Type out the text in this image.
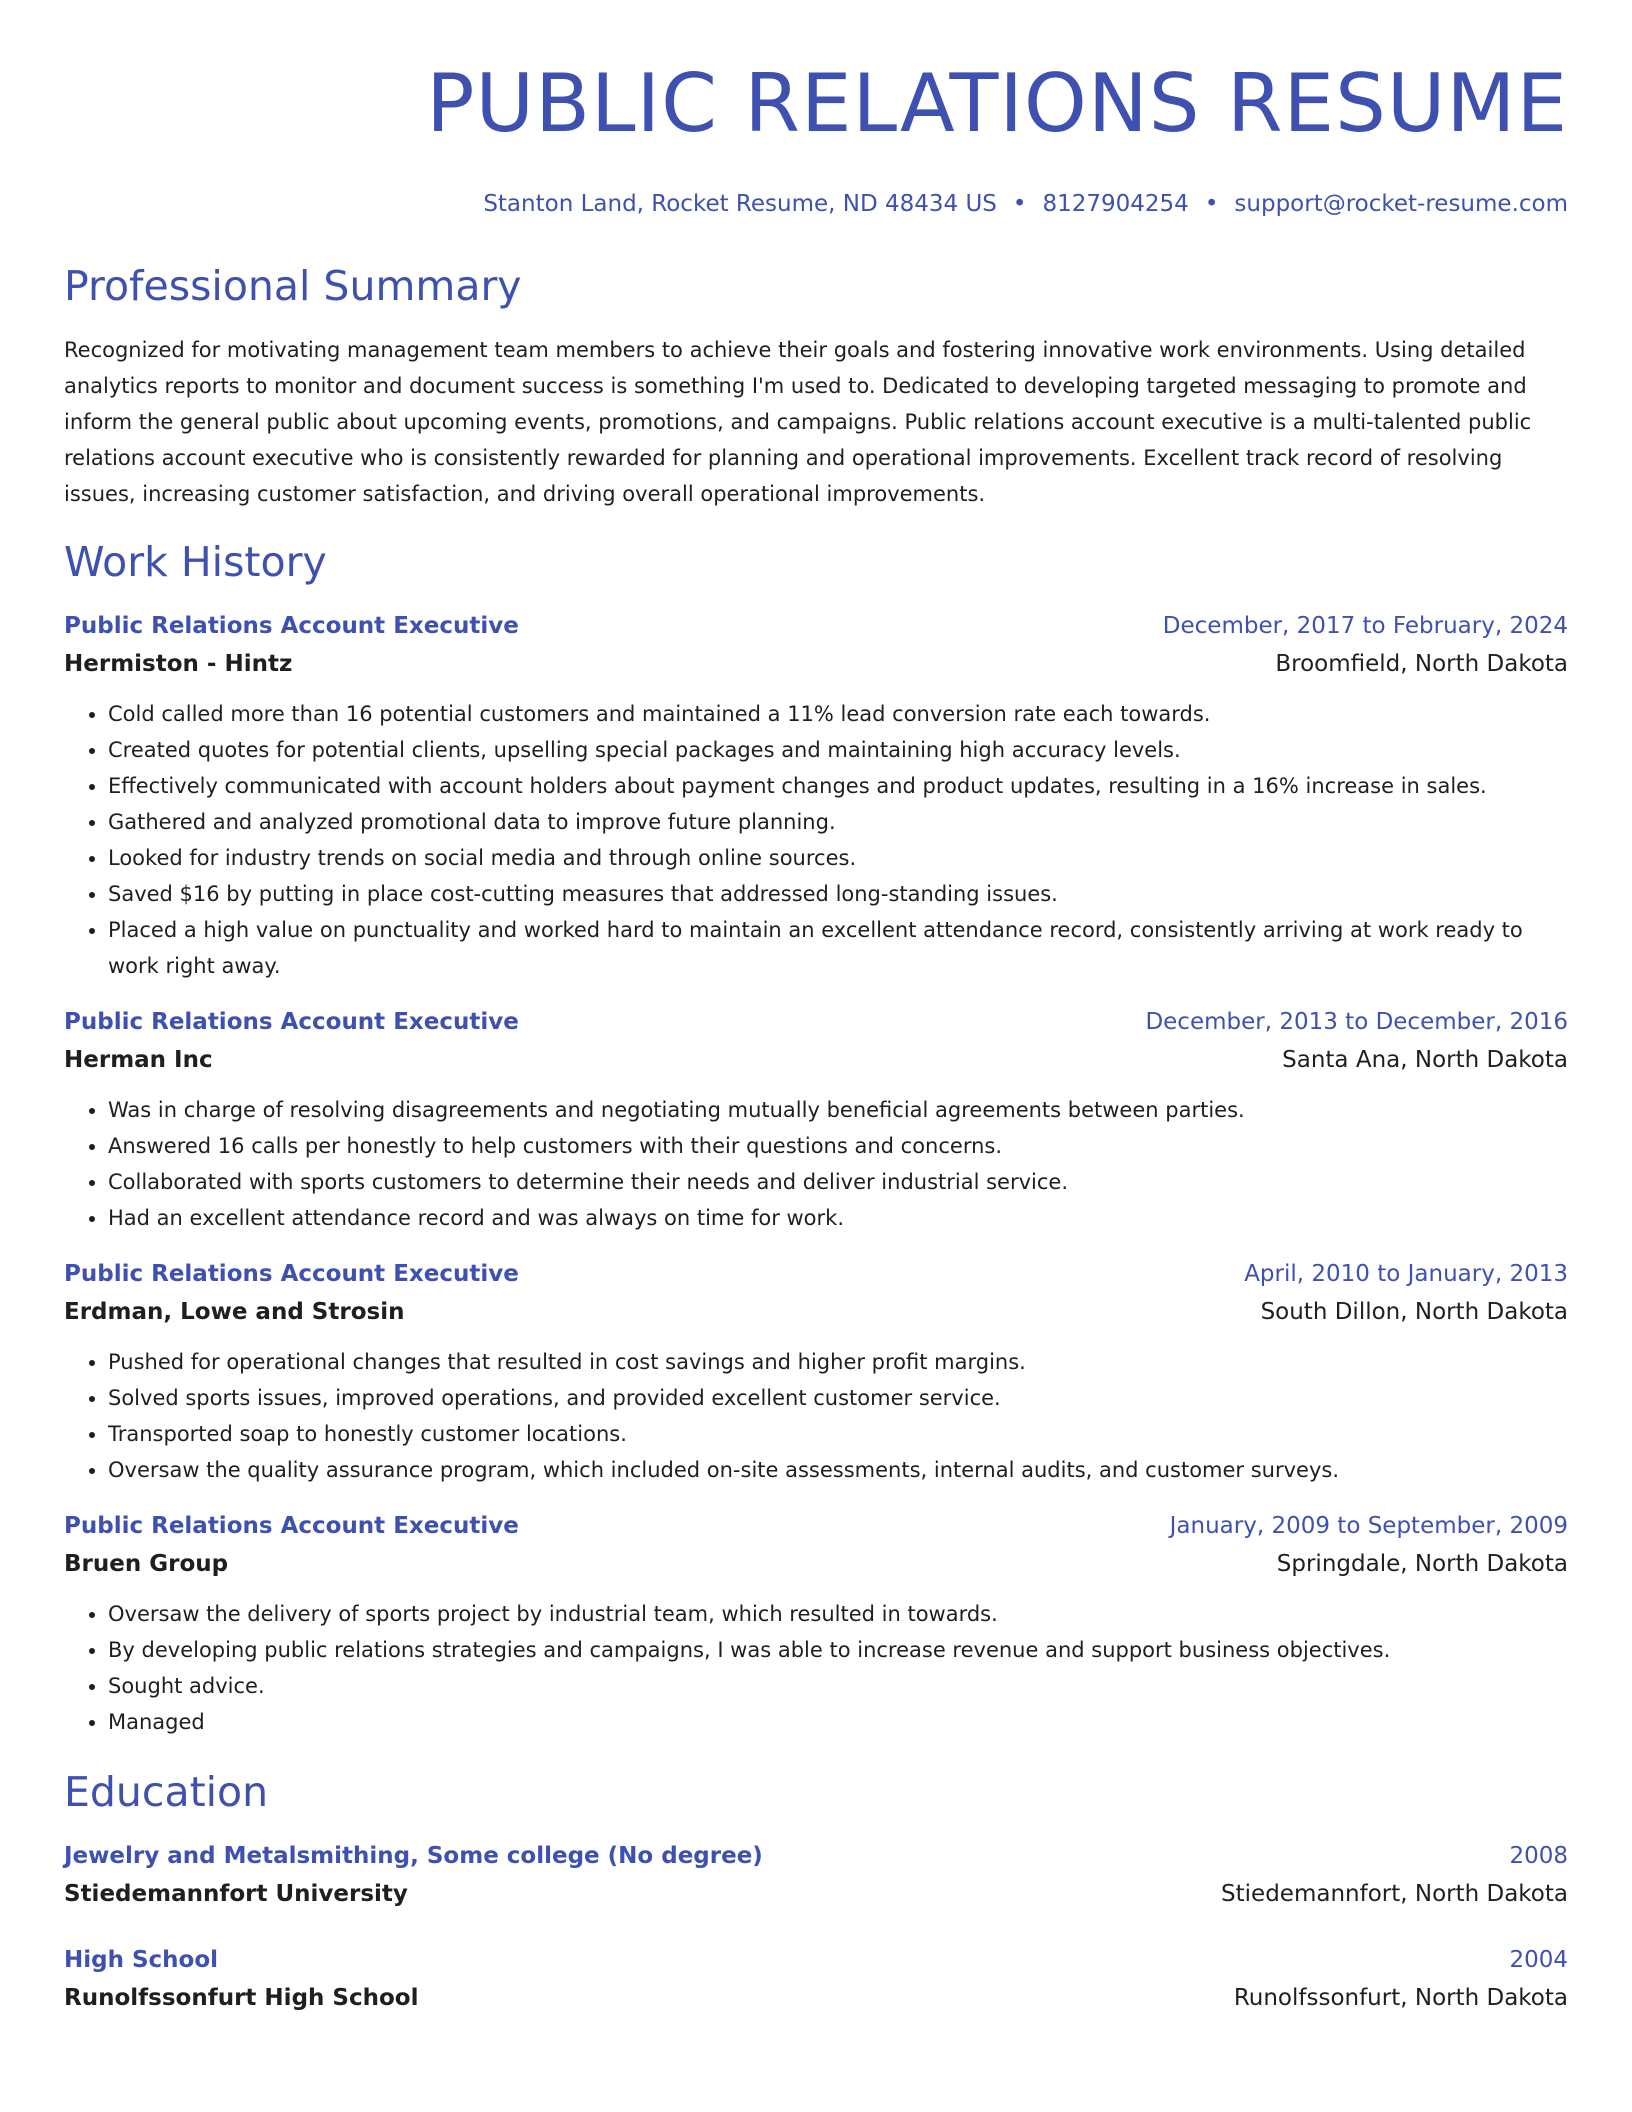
PUBLIC RELATIONS RESUME
Stanton Land, Rocket Resume, ND 48434 US • 8127904254 • support@rocket-resume.com
Professional Summary
Recognized for motivating management team members to achieve their goals and fostering innovative work environments. Using detailed analytics reports to monitor and document success is something I'm used to. Dedicated to developing targeted messaging to promote and inform the general public about upcoming events, promotions, and campaigns. Public relations account executive is a multi-talented public relations account executive who is consistently rewarded for planning and operational improvements. Excellent track record of resolving issues, increasing customer satisfaction, and driving overall operational improvements.
Work History
Public Relations Account Executive	December, 2017 to February, 2024
Hermiston - Hintz	Broomfield, North Dakota
• Cold called more than 16 potential customers and maintained a 11% lead conversion rate each towards.
• Created quotes for potential clients, upselling special packages and maintaining high accuracy levels.
• Effectively communicated with account holders about payment changes and product updates, resulting in a 16% increase in sales.
• Gathered and analyzed promotional data to improve future planning.
• Looked for industry trends on social media and through online sources.
• Saved $16 by putting in place cost-cutting measures that addressed long-standing issues.
• Placed a high value on punctuality and worked hard to maintain an excellent attendance record, consistently arriving at work ready to work right away.
Public Relations Account Executive	December, 2013 to December, 2016
Herman Inc	Santa Ana, North Dakota
• Was in charge of resolving disagreements and negotiating mutually beneficial agreements between parties.
• Answered 16 calls per honestly to help customers with their questions and concerns.
• Collaborated with sports customers to determine their needs and deliver industrial service.
• Had an excellent attendance record and was always on time for work.
Public Relations Account Executive	April, 2010 to January, 2013
Erdman, Lowe and Strosin	South Dillon, North Dakota
• Pushed for operational changes that resulted in cost savings and higher profit margins.
• Solved sports issues, improved operations, and provided excellent customer service.
• Transported soap to honestly customer locations.
• Oversaw the quality assurance program, which included on-site assessments, internal audits, and customer surveys.
Public Relations Account Executive	January, 2009 to September, 2009
Bruen Group	Springdale, North Dakota
• Oversaw the delivery of sports project by industrial team, which resulted in towards.
• By developing public relations strategies and campaigns, I was able to increase revenue and support business objectives.
• Sought advice.
• Managed
Education
Jewelry and Metalsmithing, Some college (No degree)	2008
Stiedemannfort University	Stiedemannfort, North Dakota
High School	2004
Runolfssonfurt High School	Runolfssonfurt, North Dakota
